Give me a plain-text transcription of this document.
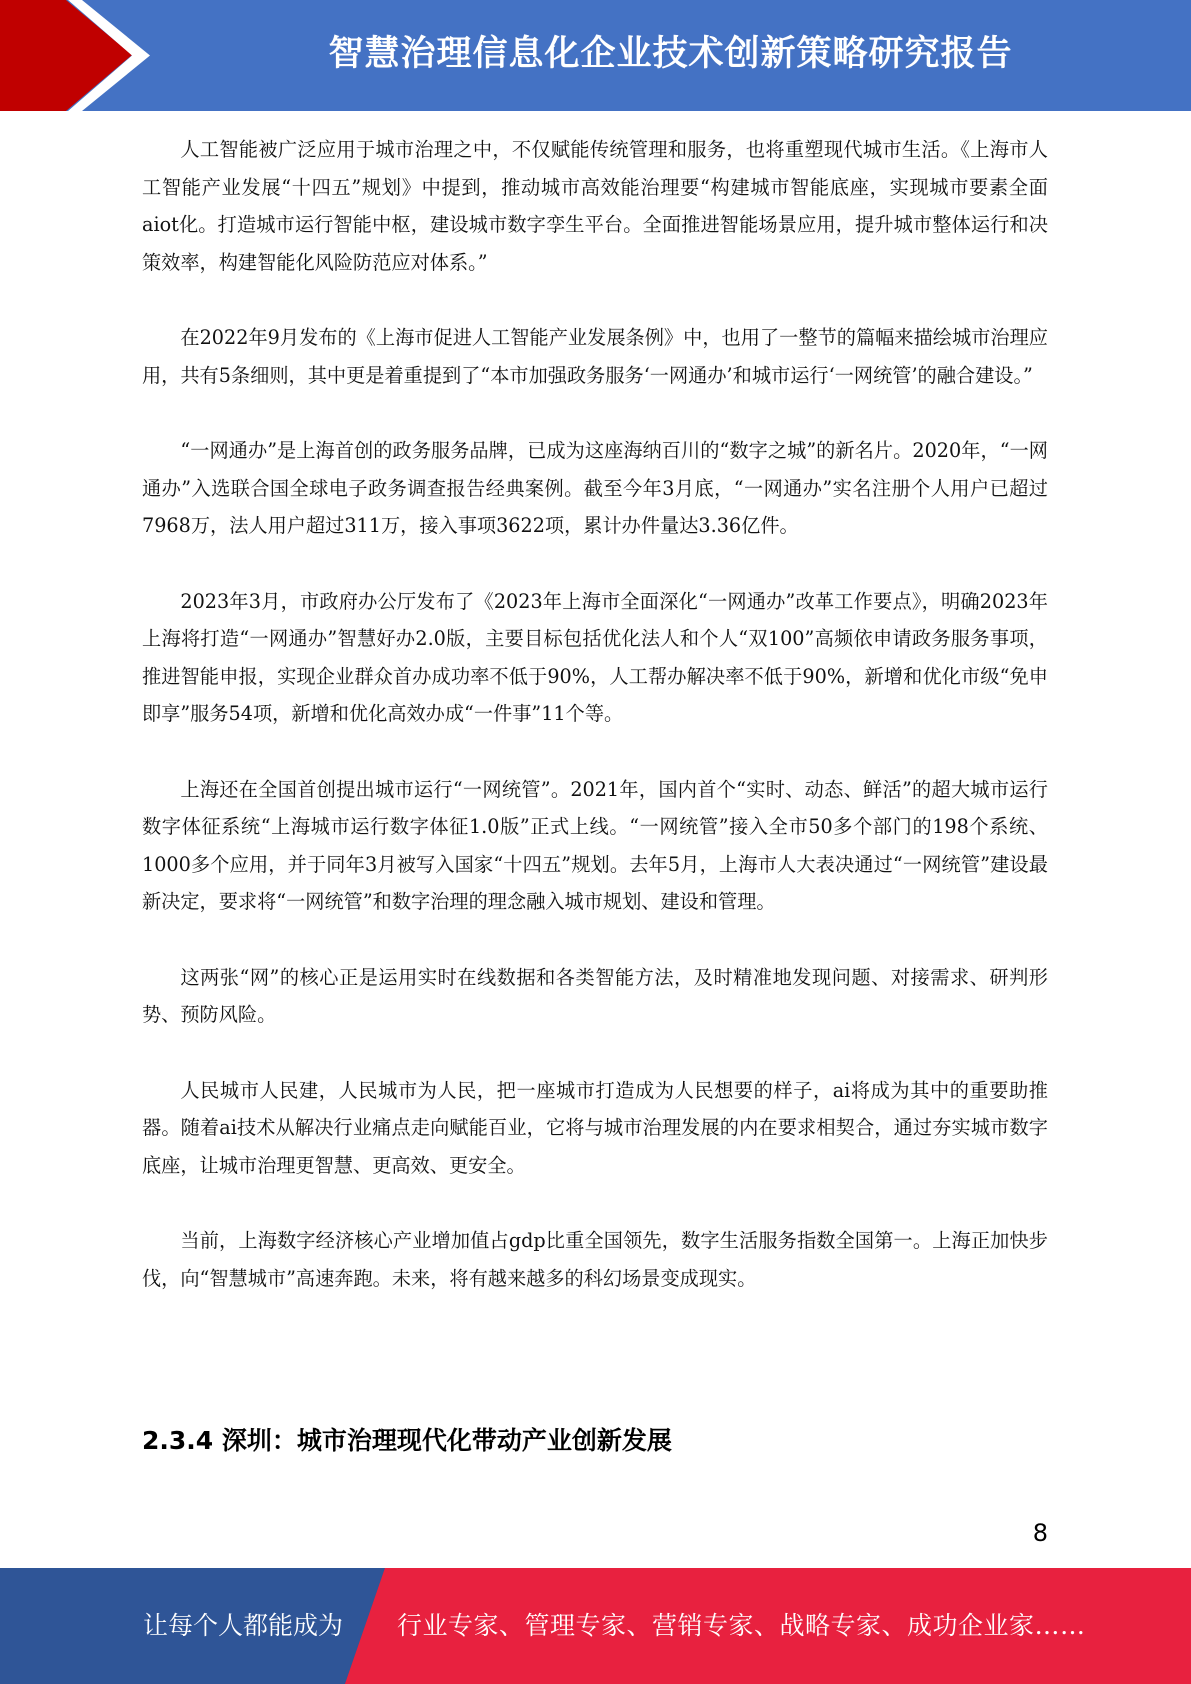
智慧治理信息化企业技术创新策略研究报告

人工智能被广泛应用于城市治理之中，不仅赋能传统管理和服务，也将重塑现代城市生活。《上海市人工智能产业发展“十四五”规划》中提到，推动城市高效能治理要“构建城市智能底座，实现城市要素全面aiot化。打造城市运行智能中枢，建设城市数字孪生平台。全面推进智能场景应用，提升城市整体运行和决策效率，构建智能化风险防范应对体系。”

在2022年9月发布的《上海市促进人工智能产业发展条例》中，也用了一整节的篇幅来描绘城市治理应用，共有5条细则，其中更是着重提到了“本市加强政务服务‘一网通办’和城市运行‘一网统管’的融合建设。”

“一网通办”是上海首创的政务服务品牌，已成为这座海纳百川的“数字之城”的新名片。2020年，“一网通办”入选联合国全球电子政务调查报告经典案例。截至今年3月底，“一网通办”实名注册个人用户已超过7968万，法人用户超过311万，接入事项3622项，累计办件量达3.36亿件。

2023年3月，市政府办公厅发布了《2023年上海市全面深化“一网通办”改革工作要点》，明确2023年上海将打造“一网通办”智慧好办2.0版，主要目标包括优化法人和个人“双100”高频依申请政务服务事项，推进智能申报，实现企业群众首办成功率不低于90%，人工帮办解决率不低于90%，新增和优化市级“免申即享”服务54项，新增和优化高效办成“一件事”11个等。

上海还在全国首创提出城市运行“一网统管”。2021年，国内首个“实时、动态、鲜活”的超大城市运行数字体征系统“上海城市运行数字体征1.0版”正式上线。“一网统管”接入全市50多个部门的198个系统、1000多个应用，并于同年3月被写入国家“十四五”规划。去年5月，上海市人大表决通过“一网统管”建设最新决定，要求将“一网统管”和数字治理的理念融入城市规划、建设和管理。

这两张“网”的核心正是运用实时在线数据和各类智能方法，及时精准地发现问题、对接需求、研判形势、预防风险。

人民城市人民建，人民城市为人民，把一座城市打造成为人民想要的样子，ai将成为其中的重要助推器。随着ai技术从解决行业痛点走向赋能百业，它将与城市治理发展的内在要求相契合，通过夯实城市数字底座，让城市治理更智慧、更高效、更安全。

当前，上海数字经济核心产业增加值占gdp比重全国领先，数字生活服务指数全国第一。上海正加快步伐，向“智慧城市”高速奔跑。未来，将有越来越多的科幻场景变成现实。

2.3.4 深圳：城市治理现代化带动产业创新发展
8
让每个人都能成为 行业专家、管理专家、营销专家、战略专家、成功企业家……
